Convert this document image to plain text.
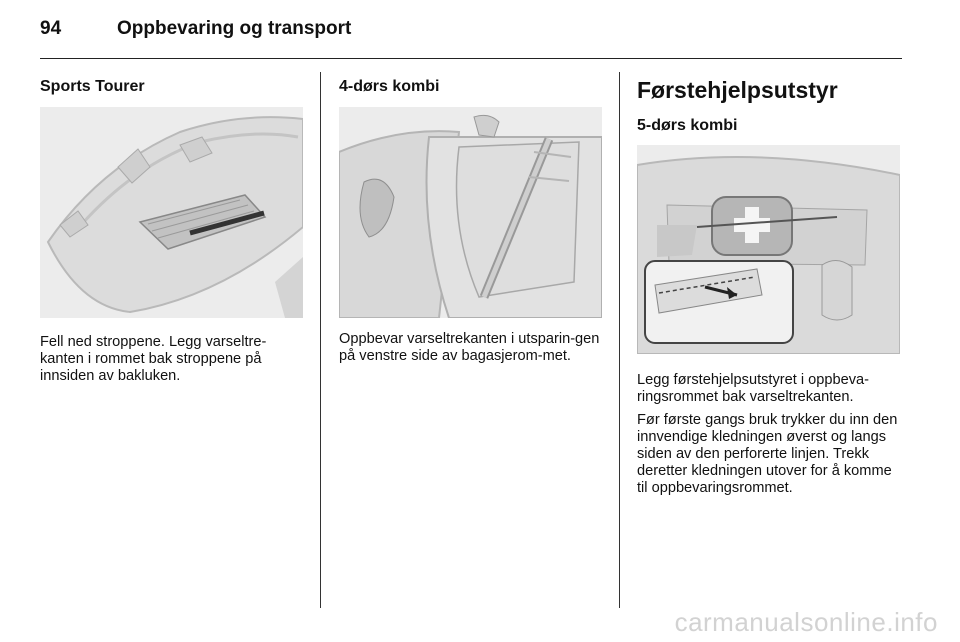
94	Oppbevaring og transport
Sports Tourer
Fell ned stroppene. Legg varseltre-kanten i rommet bak stroppene på innsiden av bakluken.
4-dørs kombi
Oppbevar varseltrekanten i utsparin-gen på venstre side av bagasjerom-met.
Førstehjelpsutstyr
5-dørs kombi

Legg førstehjelpsutstyret i oppbeva-ringsrommet bak varseltrekanten.

Før første gangs bruk trykker du inn den innvendige kledningen øverst og langs siden av den perforerte linjen. Trekk deretter kledningen utover for å komme til oppbevaringsrommet.

carmanualsonline.info
